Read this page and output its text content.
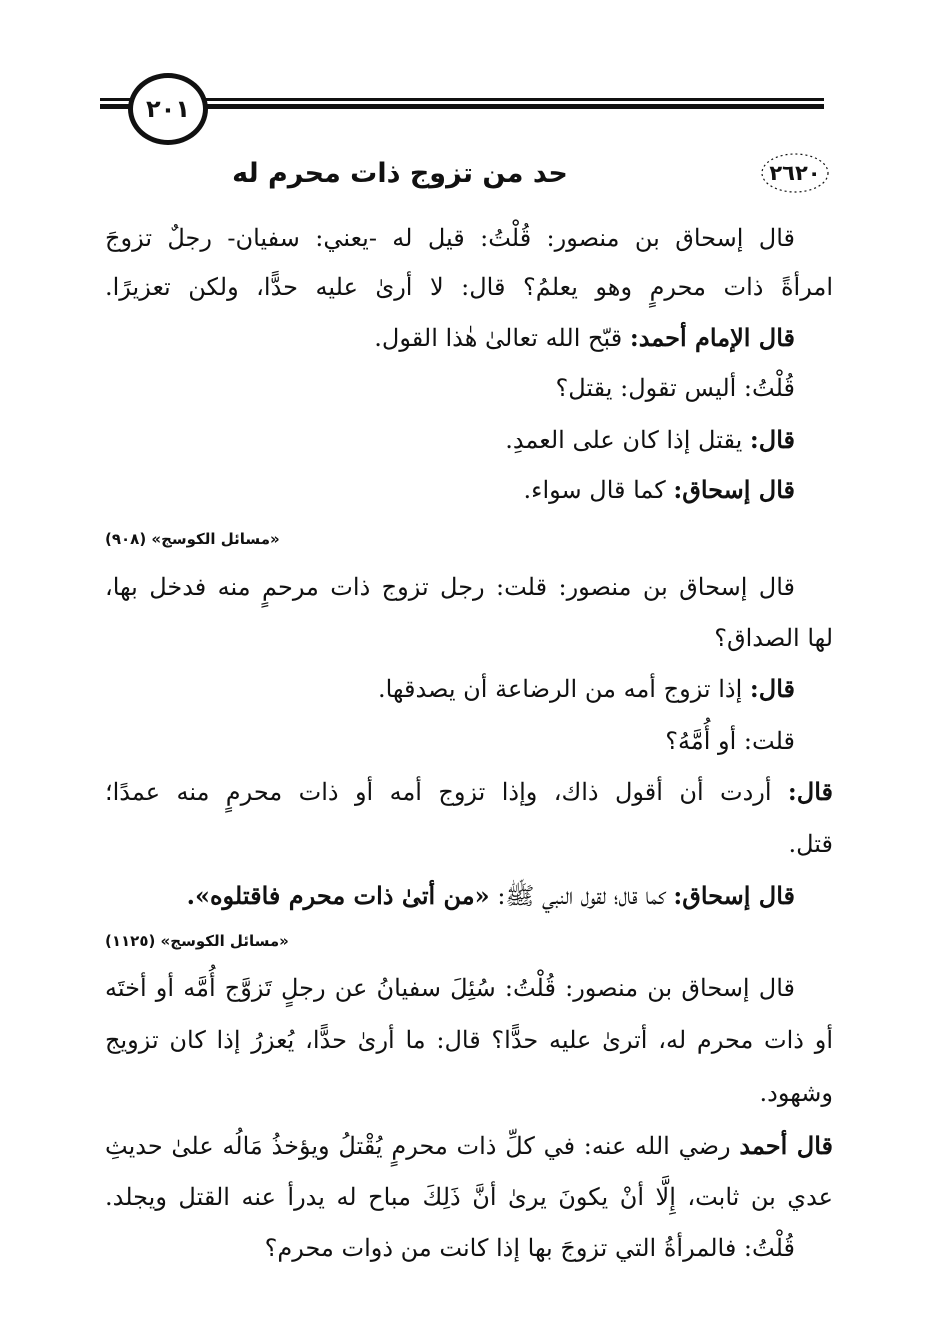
٢٠١
٢٦٢٠
حد من تزوج ذات محرم له
قال إسحاق بن منصور: قُلْتُ: قيل له -يعني: سفيان- رجلٌ تزوجَ
امرأةً ذات محرمٍ وهو يعلمُ؟ قال: لا أرىٰ عليه حدًّا، ولكن تعزيرًا.
قال الإمام أحمد: قبّح الله تعالىٰ هٰذا القول.
قُلْتُ: أليس تقول: يقتل؟
قال: يقتل إذا كان على العمدِ.
قال إسحاق: كما قال سواء.
«مسائل الكوسج» (٩٠٨)
قال إسحاق بن منصور: قلت: رجل تزوج ذات مرحمٍ منه فدخل بها،
لها الصداق؟
قال: إذا تزوج أمه من الرضاعة أن يصدقها.
قلت: أو أُمَّهُ؟
قال: أردت أن أقول ذاك، وإذا تزوج أمه أو ذات محرمٍ منه عمدًا؛
قتل.
قال إسحاق: كما قال؛ لقول النبي ﷺ: «من أتىٰ ذات محرم فاقتلوه».
«مسائل الكوسج» (١١٢٥)
قال إسحاق بن منصور: قُلْتُ: سُئِلَ سفيانُ عن رجلٍ تَزوَّج أُمَّه أو أختَه
أو ذات محرم له، أترىٰ عليه حدًّا؟ قال: ما أرىٰ حدًّا، يُعزرُ إذا كان تزويج
وشهود.
قال أحمد رضي الله عنه: في كلِّ ذات محرمٍ يُقْتلُ ويؤخذُ مَالُه علىٰ حديثِ
عدي بن ثابت، إِلَّا أنْ يكونَ يرىٰ أنَّ ذَلِكَ مباح له يدرأ عنه القتل ويجلد.
قُلْتُ: فالمرأةُ التي تزوجَ بها إذا كانت من ذوات محرم؟
